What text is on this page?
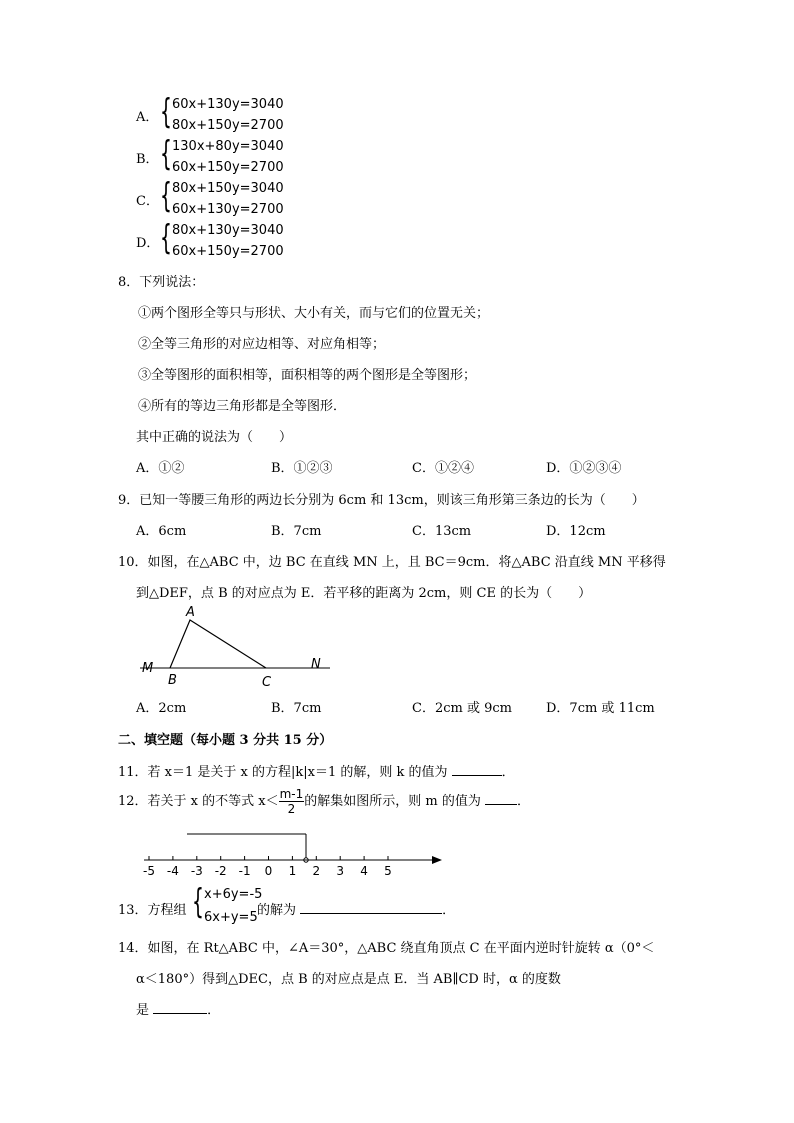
A． { 60x+130y=3040
80x+150y=2700
B． { 130x+80y=3040
60x+150y=2700
C． { 80x+150y=3040
60x+130y=2700
D． { 80x+130y=3040
60x+150y=2700
8．下列说法：
①两个图形全等只与形状、大小有关，而与它们的位置无关；
②全等三角形的对应边相等、对应角相等；
③全等图形的面积相等，面积相等的两个图形是全等图形；
④所有的等边三角形都是全等图形．
其中正确的说法为（　　）
A．①②	B．①②③	C．①②④	D．①②③④
9．已知一等腰三角形的两边长分别为 6cm 和 13cm，则该三角形第三条边的长为（　　）
A．6cm	B．7cm	C．13cm	D．12cm
10．如图，在△ABC 中，边 BC 在直线 MN 上，且 BC＝9cm．将△ABC 沿直线 MN 平移得
到△DEF，点 B 的对应点为 E．若平移的距离为 2cm，则 CE 的长为（　　）
A
B	C
M	N
A．2cm	B．7cm	C．2cm 或 9cm	D．7cm 或 11cm
二、填空题（每小题 3 分共 15 分）
11．若 x＝1 是关于 x 的方程|k|x＝1 的解，则 k 的值为	．
12．若关于 x 的不等式 $x< \frac{m-1}{2}$ 的解集如图所示，则 m 的值为 ．
-5 -4 -3 -2 -1 0 1 2 3 4 5
13．方程组 { x+6y=-5
6x+y=5 的解为	．
14．如图，在 Rt△ABC 中，∠A＝30°，△ABC 绕直角顶点 C 在平面内逆时针旋转 α（0°＜
α＜180°）得到△DEC，点 B 的对应点是点 E．当 AB∥CD 时，α 的度数
是	．
